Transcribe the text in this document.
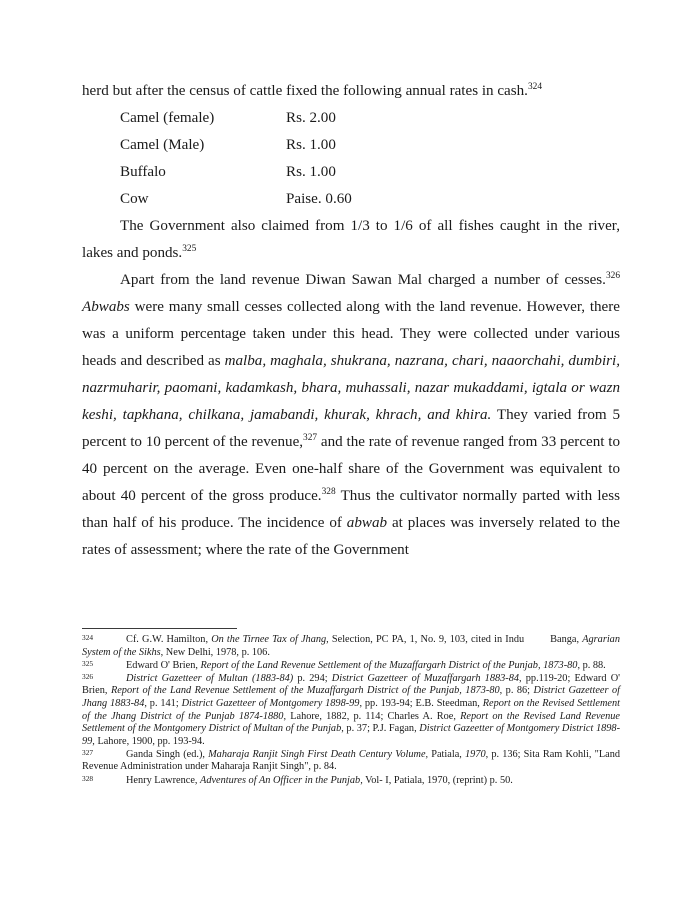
herd but after the census of cattle fixed the following annual rates in cash.$^{324}$

Camel (female)	Rs. 2.00
Camel (Male)	Rs. 1.00
Buffalo	Rs. 1.00
Cow	Paise. 0.60

The Government also claimed from 1/3 to 1/6 of all fishes caught in the river, lakes and ponds.$^{325}$

Apart from the land revenue Diwan Sawan Mal charged a number of cesses.$^{326}$ Abwabs were many small cesses collected along with the land revenue. However, there was a uniform percentage taken under this head. They were collected under various heads and described as malba, maghala, shukrana, nazrana, chari, naaorchahi, dumbiri, nazrmuharir, paomani, kadamkash, bhara, muhassali, nazar mukaddami, igtala or wazn keshi, tapkhana, chilkana, jamabandi, khurak, khrach, and khira. They varied from 5 percent to 10 percent of the revenue,$^{327}$ and the rate of revenue ranged from 33 percent to 40 percent on the average. Even one-half share of the Government was equivalent to about 40 percent of the gross produce.$^{328}$ Thus the cultivator normally parted with less than half of his produce. The incidence of abwab at places was inversely related to the rates of assessment; where the rate of the Government

324	Cf. G.W. Hamilton, On the Tirnee Tax of Jhang, Selection, PC PA, 1, No. 9, 103, cited in Indu	Banga, Agrarian System of the Sikhs, New Delhi, 1978, p. 106.
325	Edward O' Brien, Report of the Land Revenue Settlement of the Muzaffargarh District of the Punjab, 1873-80, p. 88.
326	District Gazetteer of Multan (1883-84) p. 294; District Gazetteer of Muzaffargarh 1883-84, pp.119-20; Edward O' Brien, Report of the Land Revenue Settlement of the Muzaffargarh District of the Punjab, 1873-80, p. 86; District Gazetteer of Jhang 1883-84, p. 141; District Gazetteer of Montgomery 1898-99, pp. 193-94; E.B. Steedman, Report on the Revised Settlement of the Jhang District of the Punjab 1874-1880, Lahore, 1882, p. 114; Charles A. Roe, Report on the Revised Land Revenue Settlement of the Montgomery District of Multan of the Punjab, p. 37; P.J. Fagan, District Gazeetter of Montgomery District 1898-99, Lahore, 1900, pp. 193-94.
327	Ganda Singh (ed.), Maharaja Ranjit Singh First Death Century Volume, Patiala, 1970, p. 136; Sita Ram Kohli, "Land Revenue Administration under Maharaja Ranjit Singh", p. 84.
328	Henry Lawrence, Adventures of An Officer in the Punjab, Vol- I, Patiala, 1970, (reprint) p. 50.
